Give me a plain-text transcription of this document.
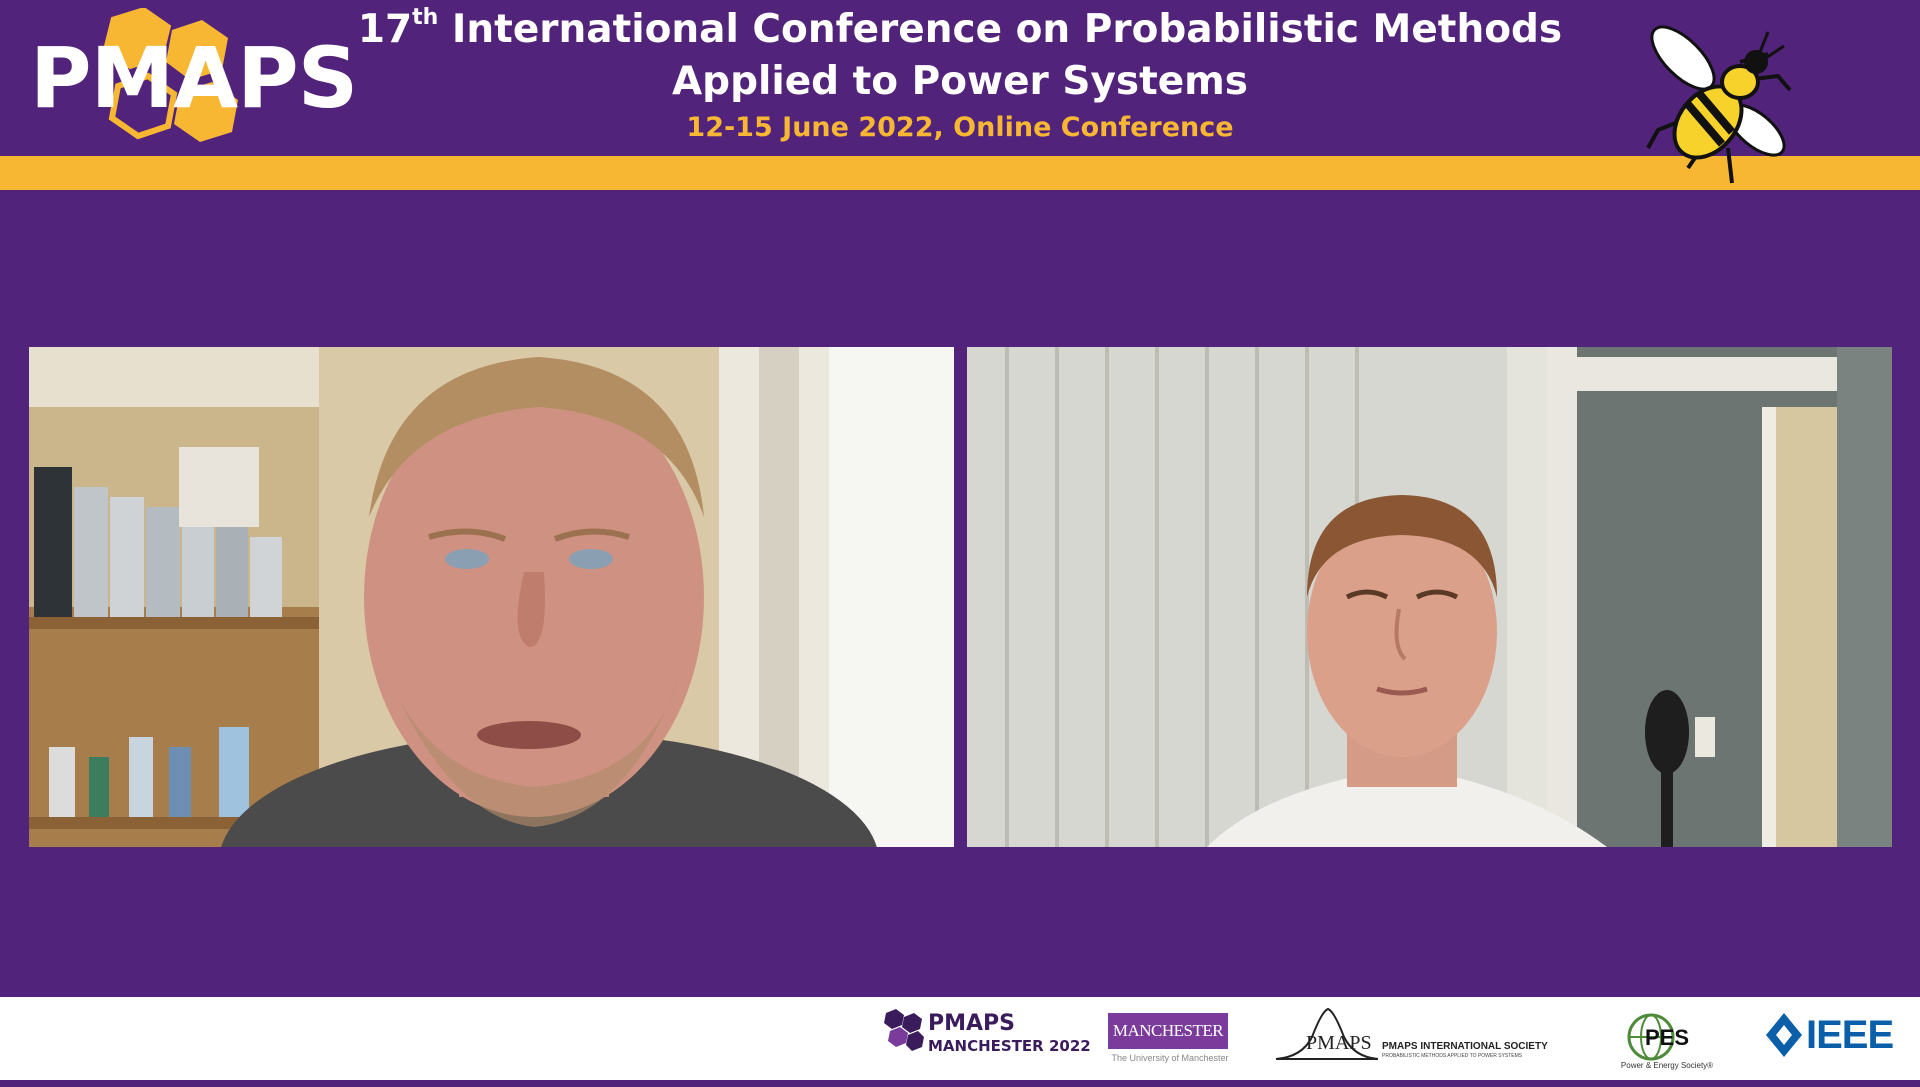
PMAPS 17th International Conference on Probabilistic Methods
Applied to Power Systems
12-15 June 2022, Online Conference
PMAPS
MANCHESTER 2022
MANCHESTER 1824
The University of Manchester
PMAPS PMAPS INTERNATIONAL SOCIETY
PROBABILISTIC METHODS APPLIED TO POWER SYSTEMS
PES
Power & Energy Society®
IEEE
